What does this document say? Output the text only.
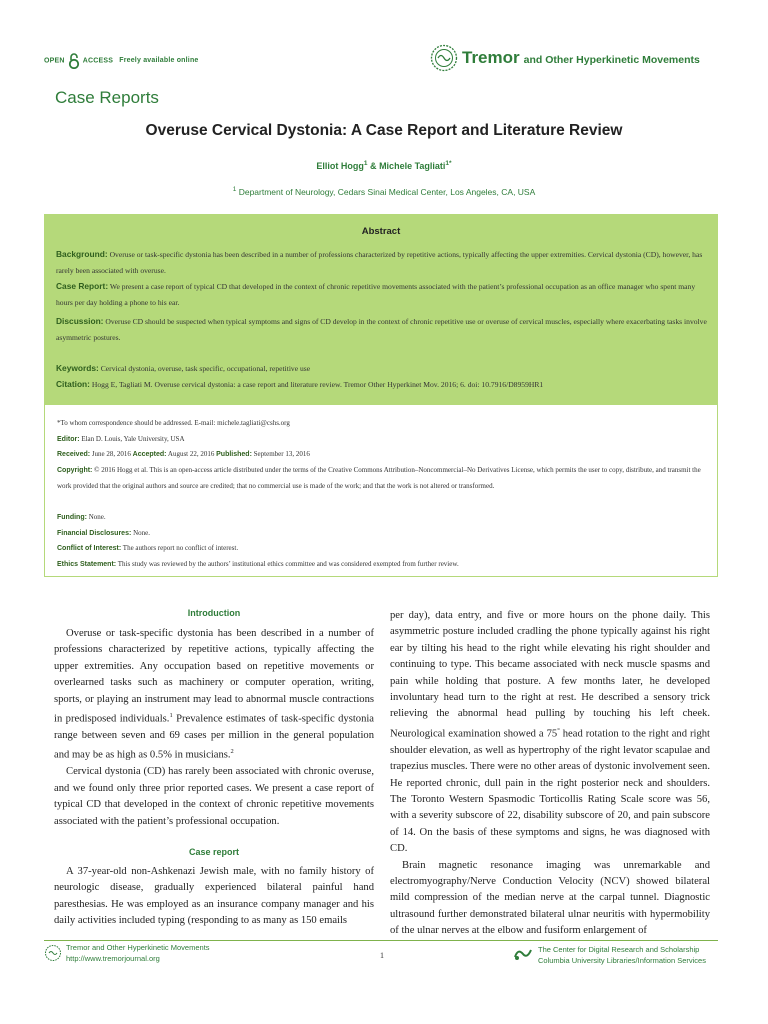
OPEN	ACCESS Freely available online	Tremor and Other Hyperkinetic Movements
Case Reports
Overuse Cervical Dystonia: A Case Report and Literature Review
Elliot Hogg$^1$ & Michele Tagliati$^{1*}$
$^1$ Department of Neurology, Cedars Sinai Medical Center, Los Angeles, CA, USA
Abstract
Background: Overuse or task-specific dystonia has been described in a number of professions characterized by repetitive actions, typically affecting the upper extremities. Cervical dystonia (CD), however, has rarely been associated with overuse.
Case Report: We present a case report of typical CD that developed in the context of chronic repetitive movements associated with the patient’s professional occupation as an office manager who spent many hours per day holding a phone to his ear.
Discussion: Overuse CD should be suspected when typical symptoms and signs of CD develop in the context of chronic repetitive use or overuse of cervical muscles, especially where exacerbating tasks involve asymmetric postures.
Keywords: Cervical dystonia, overuse, task specific, occupational, repetitive use
Citation: Hogg E, Tagliati M. Overuse cervical dystonia: a case report and literature review. Tremor Other Hyperkinet Mov. 2016; 6. doi: 10.7916/D8959HR1
*To whom correspondence should be addressed. E-mail: michele.tagliati@cshs.org
Editor: Elan D. Louis, Yale University, USA
Received: June 28, 2016 Accepted: August 22, 2016 Published: September 13, 2016
Copyright: © 2016 Hogg et al. This is an open-access article distributed under the terms of the Creative Commons Attribution–Noncommercial–No Derivatives License, which permits the user to copy, distribute, and transmit the work provided that the original authors and source are credited; that no commercial use is made of the work; and that the work is not altered or transformed.
Funding: None.
Financial Disclosures: None.
Conflict of Interest: The authors report no conflict of interest.
Ethics Statement: This study was reviewed by the authors’ institutional ethics committee and was considered exempted from further review.
Introduction

Overuse or task-specific dystonia has been described in a number of professions characterized by repetitive actions, typically affecting the upper extremities. Any occupation based on repetitive movements or overlearned tasks such as machinery or computer operation, writing, sports, or playing an instrument may lead to abnormal muscle contractions in predisposed individuals.$^1$ Prevalence estimates of task-specific dystonia range between seven and 69 cases per million in the general population and may be as high as 0.5% in musicians.$^2$

Cervical dystonia (CD) has rarely been associated with chronic overuse, and we found only three prior reported cases. We present a case report of typical CD that developed in the context of chronic repetitive movements associated with the patient’s professional occupation.

Case report

A 37-year-old non-Ashkenazi Jewish male, with no family history of neurologic disease, gradually experienced bilateral painful hand paresthesias. He was employed as an insurance company manager and his daily activities included typing (responding to as many as 150 emails

per day), data entry, and five or more hours on the phone daily. This asymmetric posture included cradling the phone typically against his right ear by tilting his head to the right while elevating his right shoulder and continuing to type. This became associated with neck muscle spasms and pain while holding that posture. A few months later, he developed involuntary head turn to the right at rest. He described a sensory trick relieving the abnormal head pulling by touching his left cheek. Neurological examination showed a 75° head rotation to the right and right shoulder elevation, as well as hypertrophy of the right levator scapulae and trapezius muscles. There were no other areas of dystonic involvement seen. He reported chronic, dull pain in the right posterior neck and shoulders. The Toronto Western Spasmodic Torticollis Rating Scale score was 56, with a severity subscore of 22, disability subscore of 20, and pain subscore of 14. On the basis of these symptoms and signs, he was diagnosed with CD.

Brain magnetic resonance imaging was unremarkable and electromyography/Nerve Conduction Velocity (NCV) showed bilateral mild compression of the median nerve at the carpal tunnel. Diagnostic ultrasound further demonstrated bilateral ulnar neuritis with hypermobility of the ulnar nerves at the elbow and fusiform enlargement of

Tremor and Other Hyperkinetic Movements
http://www.tremorjournal.org	1
The Center for Digital Research and Scholarship
Columbia University Libraries/Information Services
